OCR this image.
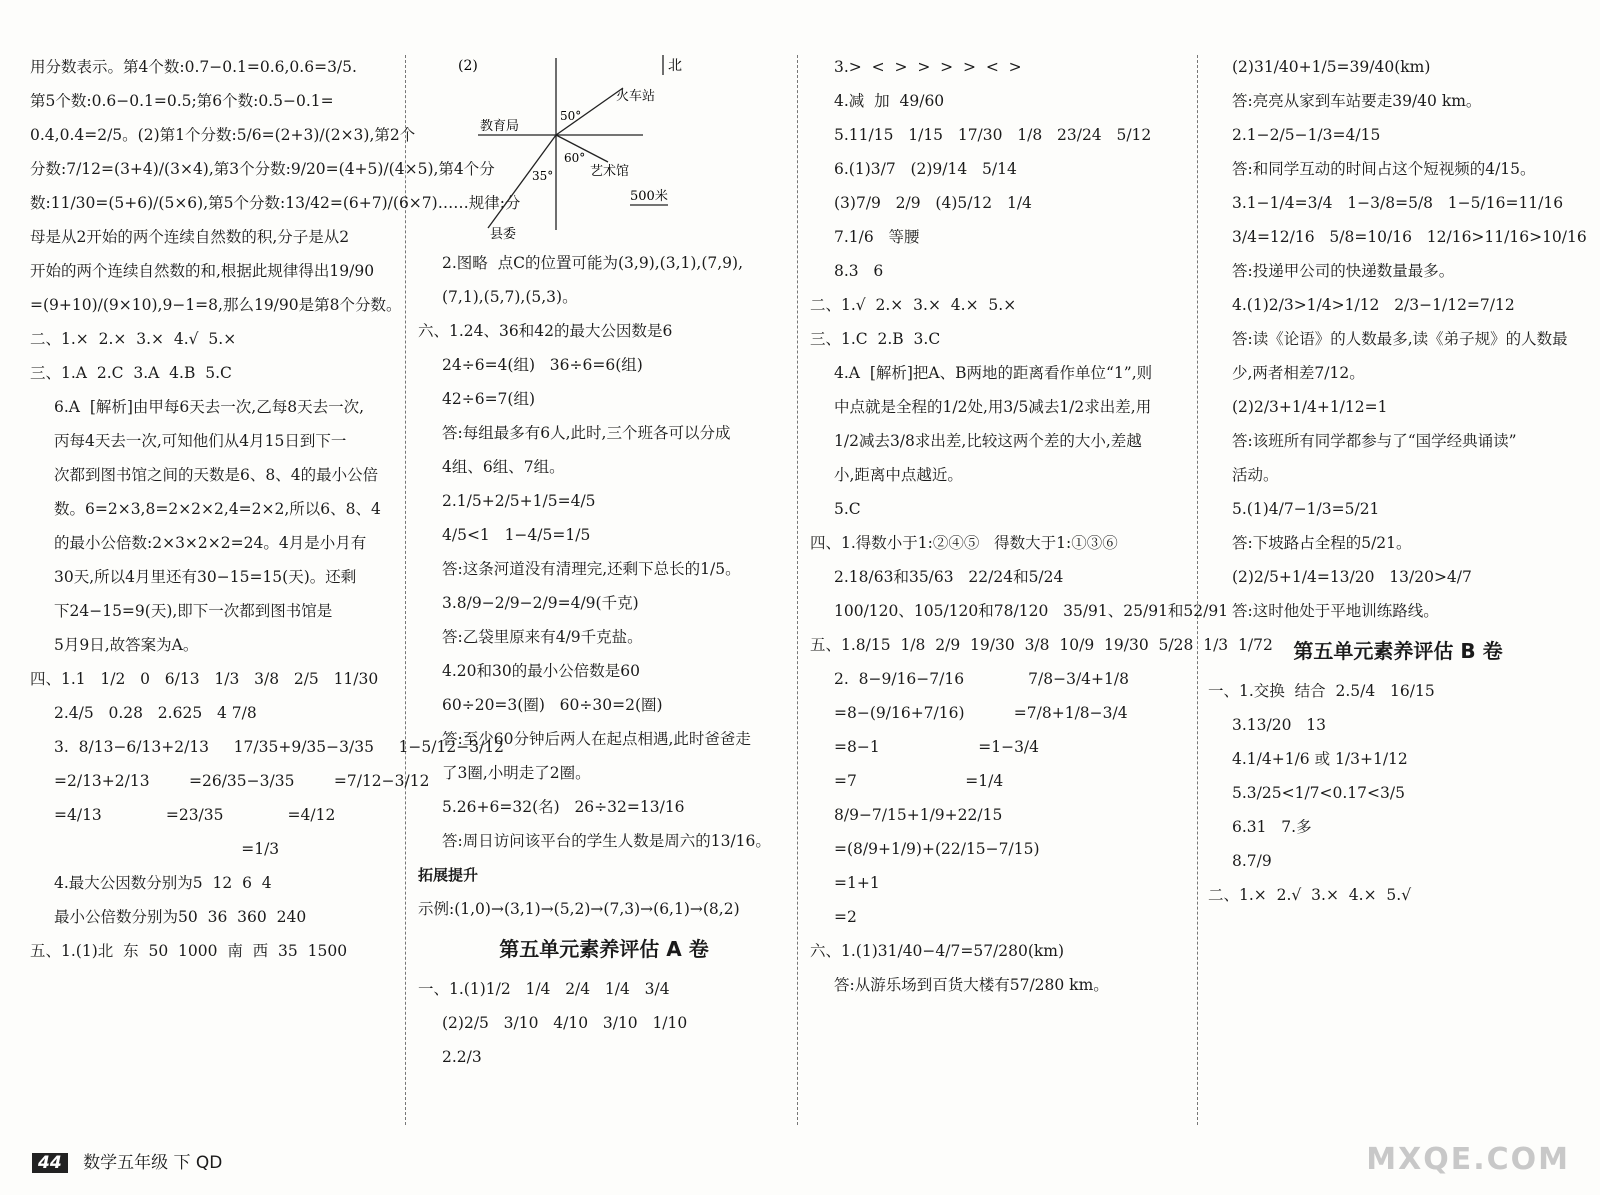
用分数表示。第4个数:0.7−0.1=0.6,0.6=3/5.
第5个数:0.6−0.1=0.5;第6个数:0.5−0.1=
0.4,0.4=2/5。(2)第1个分数:5/6=(2+3)/(2×3),第2个
分数:7/12=(3+4)/(3×4),第3个分数:9/20=(4+5)/(4×5),第4个分
数:11/30=(5+6)/(5×6),第5个分数:13/42=(6+7)/(6×7)……规律:分
母是从2开始的两个连续自然数的积,分子是从2
开始的两个连续自然数的和,根据此规律得出19/90
=(9+10)/(9×10),9−1=8,那么19/90是第8个分数。
二、1.×  2.×  3.×  4.√  5.×
三、1.A  2.C  3.A  4.B  5.C
6.A  [解析]由甲每6天去一次,乙每8天去一次,
丙每4天去一次,可知他们从4月15日到下一
次都到图书馆之间的天数是6、8、4的最小公倍
数。6=2×3,8=2×2×2,4=2×2,所以6、8、4
的最小公倍数:2×3×2×2=24。4月是小月有
30天,所以4月里还有30−15=15(天)。还剩
下24−15=9(天),即下一次都到图书馆是
5月9日,故答案为A。
四、1.1   1/2   0   6/13   1/3   3/8   2/5   11/30
2.4/5   0.28   2.625   4 7/8
3.  8/13−6/13+2/13     17/35+9/35−3/35     1−5/12−3/12
=2/13+2/13        =26/35−3/35        =7/12−3/12
=4/13             =23/35             =4/12
=1/3
4.最大公因数分别为5  12  6  4
最小公倍数分别为50  36  360  240
五、1.(1)北  东  50  1000  南  西  35  1500
(2)	北
火车站
教育局
50°
60°
35°	艺术馆
500米
县委
2.图略  点C的位置可能为(3,9),(3,1),(7,9),
(7,1),(5,7),(5,3)。
六、1.24、36和42的最大公因数是6
24÷6=4(组)   36÷6=6(组)
42÷6=7(组)
答:每组最多有6人,此时,三个班各可以分成
4组、6组、7组。
2.1/5+2/5+1/5=4/5
4/5<1   1−4/5=1/5
答:这条河道没有清理完,还剩下总长的1/5。
3.8/9−2/9−2/9=4/9(千克)
答:乙袋里原来有4/9千克盐。
4.20和30的最小公倍数是60
60÷20=3(圈)   60÷30=2(圈)
答:至少60分钟后两人在起点相遇,此时爸爸走
了3圈,小明走了2圈。
5.26+6=32(名)   26÷32=13/16
答:周日访问该平台的学生人数是周六的13/16。
拓展提升
示例:(1,0)→(3,1)→(5,2)→(7,3)→(6,1)→(8,2)
第五单元素养评估 A 卷
一、1.(1)1/2   1/4   2/4   1/4   3/4
(2)2/5   3/10   4/10   3/10   1/10
2.2/3
3.>  <  >  >  >  >  <  >
4.减  加  49/60
5.11/15   1/15   17/30   1/8   23/24   5/12
6.(1)3/7   (2)9/14   5/14
(3)7/9   2/9   (4)5/12   1/4
7.1/6   等腰
8.3   6
二、1.√  2.×  3.×  4.×  5.×
三、1.C  2.B  3.C
4.A  [解析]把A、B两地的距离看作单位“1”,则
中点就是全程的1/2处,用3/5减去1/2求出差,用
1/2减去3/8求出差,比较这两个差的大小,差越
小,距离中点越近。
5.C
四、1.得数小于1:②④⑤   得数大于1:①③⑥
2.18/63和35/63   22/24和5/24
100/120、105/120和78/120   35/91、25/91和52/91
五、1.8/15  1/8  2/9  19/30  3/8  10/9  19/30  5/28  1/3  1/72
2.  8−9/16−7/16             7/8−3/4+1/8
=8−(9/16+7/16)          =7/8+1/8−3/4
=8−1                    =1−3/4
=7                      =1/4
8/9−7/15+1/9+22/15
=(8/9+1/9)+(22/15−7/15)
=1+1
=2
六、1.(1)31/40−4/7=57/280(km)
答:从游乐场到百货大楼有57/280 km。
(2)31/40+1/5=39/40(km)
答:亮亮从家到车站要走39/40 km。
2.1−2/5−1/3=4/15
答:和同学互动的时间占这个短视频的4/15。
3.1−1/4=3/4   1−3/8=5/8   1−5/16=11/16
3/4=12/16   5/8=10/16   12/16>11/16>10/16
答:投递甲公司的快递数量最多。
4.(1)2/3>1/4>1/12   2/3−1/12=7/12
答:读《论语》的人数最多,读《弟子规》的人数最
少,两者相差7/12。
(2)2/3+1/4+1/12=1
答:该班所有同学都参与了“国学经典诵读”
活动。
5.(1)4/7−1/3=5/21
答:下坡路占全程的5/21。
(2)2/5+1/4=13/20   13/20>4/7
答:这时他处于平地训练路线。
第五单元素养评估 B 卷
一、1.交换  结合  2.5/4   16/15
3.13/20   13
4.1/4+1/6 或 1/3+1/12
5.3/25<1/7<0.17<3/5
6.31   7.多
8.7/9
二、1.×  2.√  3.×  4.×  5.√
44 数学五年级 下 QD	MXQE.COM
